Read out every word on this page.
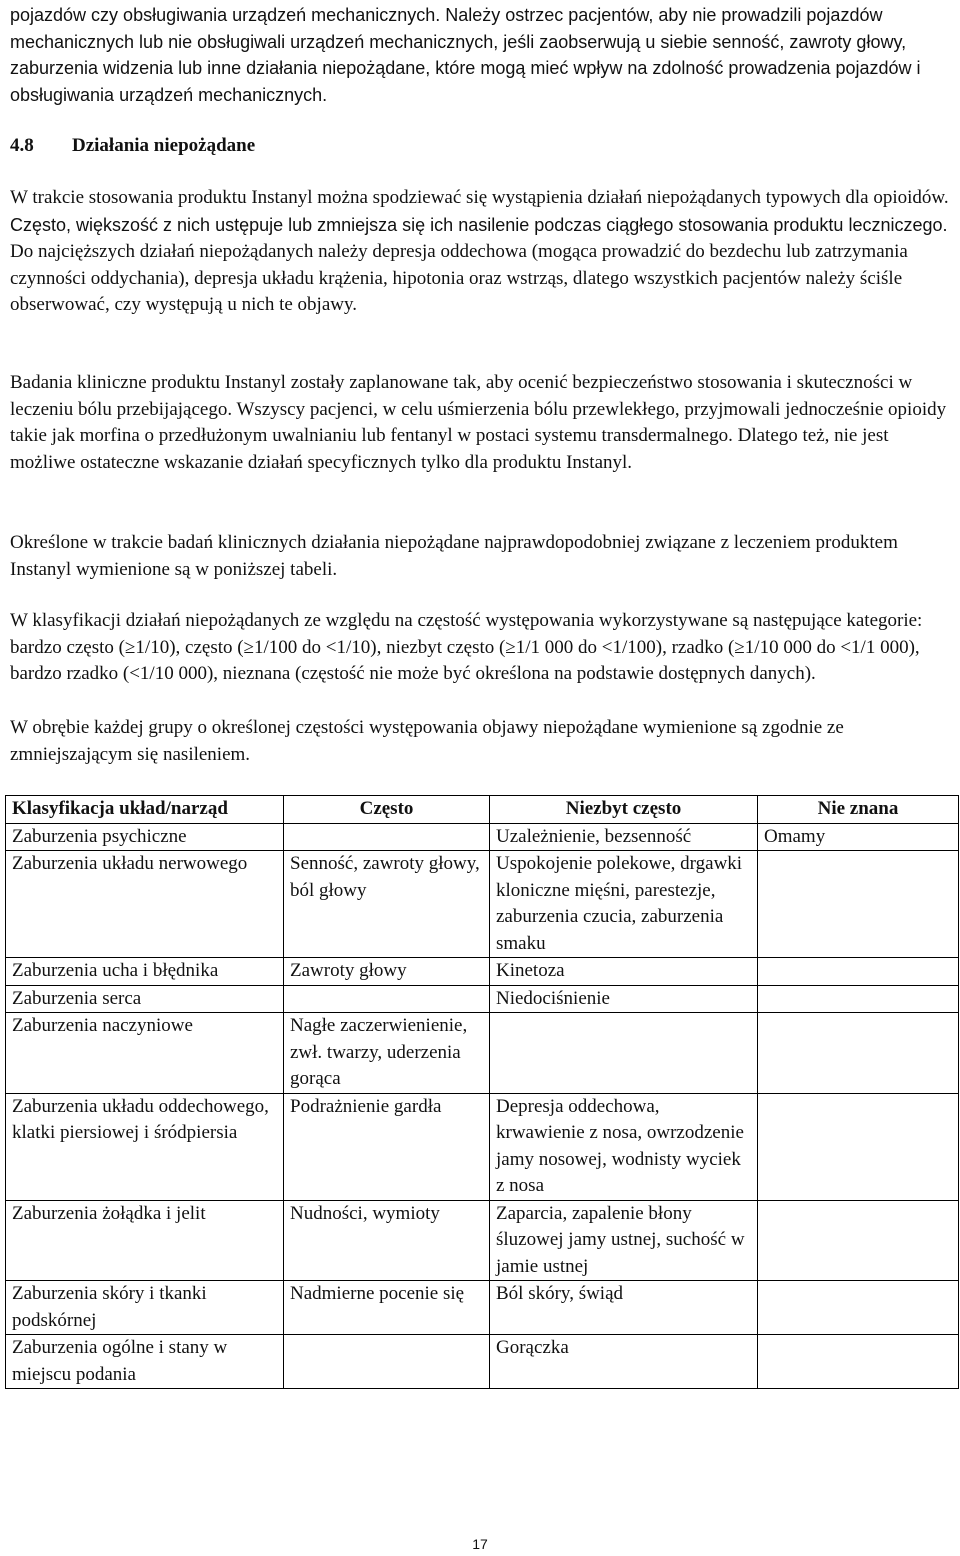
pojazdów czy obsługiwania urządzeń mechanicznych. Należy ostrzec pacjentów, aby nie prowadzili pojazdów mechanicznych lub nie obsługiwali urządzeń mechanicznych, jeśli zaobserwują u siebie senność, zawroty głowy, zaburzenia widzenia lub inne działania niepożądane, które mogą mieć wpływ na zdolność prowadzenia pojazdów i obsługiwania urządzeń mechanicznych.

4.8 Działania niepożądane

W trakcie stosowania produktu Instanyl można spodziewać się wystąpienia działań niepożądanych typowych dla opioidów. Często, większość z nich ustępuje lub zmniejsza się ich nasilenie podczas ciągłego stosowania produktu leczniczego. Do najcięższych działań niepożądanych należy depresja oddechowa (mogąca prowadzić do bezdechu lub zatrzymania czynności oddychania), depresja układu krążenia, hipotonia oraz wstrząs, dlatego wszystkich pacjentów należy ściśle obserwować, czy występują u nich te objawy.

Badania kliniczne produktu Instanyl zostały zaplanowane tak, aby ocenić bezpieczeństwo stosowania i skuteczności w leczeniu bólu przebijającego. Wszyscy pacjenci, w celu uśmierzenia bólu przewlekłego, przyjmowali jednocześnie opioidy takie jak morfina o przedłużonym uwalnianiu lub fentanyl w postaci systemu transdermalnego. Dlatego też, nie jest możliwe ostateczne wskazanie działań specyficznych tylko dla produktu Instanyl.

Określone w trakcie badań klinicznych działania niepożądane najprawdopodobniej związane z leczeniem produktem Instanyl wymienione są w poniższej tabeli.

W klasyfikacji działań niepożądanych ze względu na częstość występowania wykorzystywane są następujące kategorie: bardzo często (≥1/10), często (≥1/100 do <1/10), niezbyt często (≥1/1 000 do <1/100), rzadko (≥1/10 000 do <1/1 000), bardzo rzadko (<1/10 000), nieznana (częstość nie może być określona na podstawie dostępnych danych).

W obrębie każdej grupy o określonej częstości występowania objawy niepożądane wymienione są zgodnie ze zmniejszającym się nasileniem.

Klasyfikacja układ/narząd	Często	Niezbyt często	Nie znana
Zaburzenia psychiczne		Uzależnienie, bezsenność	Omamy
Zaburzenia układu nerwowego	Senność, zawroty głowy, ból głowy	Uspokojenie polekowe, drgawki kloniczne mięśni, parestezje, zaburzenia czucia, zaburzenia smaku	
Zaburzenia ucha i błędnika	Zawroty głowy	Kinetoza	
Zaburzenia serca		Niedociśnienie	
Zaburzenia naczyniowe	Nagłe zaczerwienienie, zwł. twarzy, uderzenia gorąca		
Zaburzenia układu oddechowego, klatki piersiowej i śródpiersia	Podrażnienie gardła	Depresja oddechowa, krwawienie z nosa, owrzodzenie jamy nosowej, wodnisty wyciek z nosa	
Zaburzenia żołądka i jelit	Nudności, wymioty	Zaparcia, zapalenie błony śluzowej jamy ustnej, suchość w jamie ustnej	
Zaburzenia skóry i tkanki podskórnej	Nadmierne pocenie się	Ból skóry, świąd	
Zaburzenia ogólne i stany w miejscu podania		Gorączka	
17
